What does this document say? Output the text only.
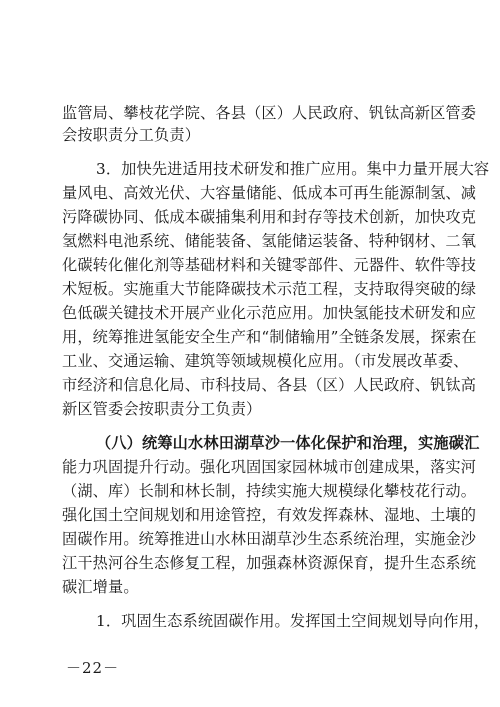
监管局、攀枝花学院、各县（区）人民政府、钒钛高新区管委
会按职责分工负责）
3．加快先进适用技术研发和推广应用。集中力量开展大容
量风电、高效光伏、大容量储能、低成本可再生能源制氢、减
污降碳协同、低成本碳捕集利用和封存等技术创新，加快攻克
氢燃料电池系统、储能装备、氢能储运装备、特种钢材、二氧
化碳转化催化剂等基础材料和关键零部件、元器件、软件等技
术短板。实施重大节能降碳技术示范工程，支持取得突破的绿
色低碳关键技术开展产业化示范应用。加快氢能技术研发和应
用，统筹推进氢能安全生产和“制储输用”全链条发展，探索在
工业、交通运输、建筑等领域规模化应用。（市发展改革委、
市经济和信息化局、市科技局、各县（区）人民政府、钒钛高
新区管委会按职责分工负责）
（八）统筹山水林田湖草沙一体化保护和治理，实施碳汇
能力巩固提升行动。强化巩固国家园林城市创建成果，落实河
（湖、库）长制和林长制，持续实施大规模绿化攀枝花行动。
强化国土空间规划和用途管控，有效发挥森林、湿地、土壤的
固碳作用。统筹推进山水林田湖草沙生态系统治理，实施金沙
江干热河谷生态修复工程，加强森林资源保育，提升生态系统
碳汇增量。
1．巩固生态系统固碳作用。发挥国土空间规划导向作用，
－22－
